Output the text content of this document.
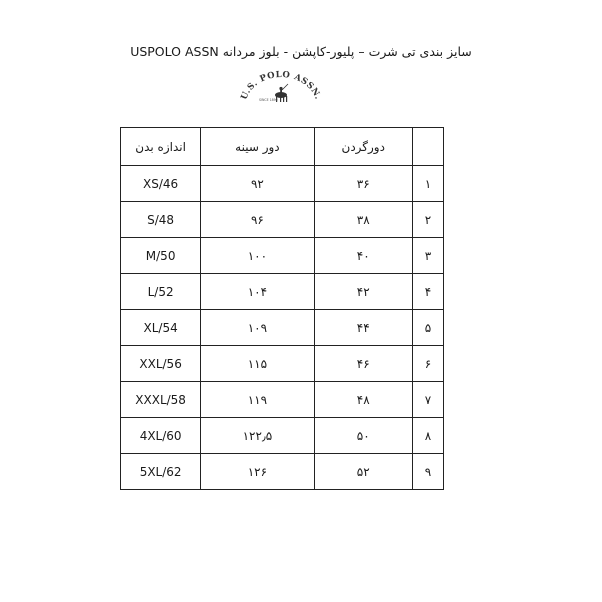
سایز بندی تی شرت – پلیور-کاپشن - بلوز مردانه USPOLO ASSN
U.S. POLO ASSN.
SINCE 1890
اندازه بدن	دور سینه	دورگردن	
XS/46	۹۲	۳۶	۱
S/48	۹۶	۳۸	۲
M/50	۱۰۰	۴۰	۳
L/52	۱۰۴	۴۲	۴
XL/54	۱۰۹	۴۴	۵
XXL/56	۱۱۵	۴۶	۶
XXXL/58	۱۱۹	۴۸	۷
4XL/60	۱۲۲٫۵	۵۰	۸
5XL/62	۱۲۶	۵۲	۹
